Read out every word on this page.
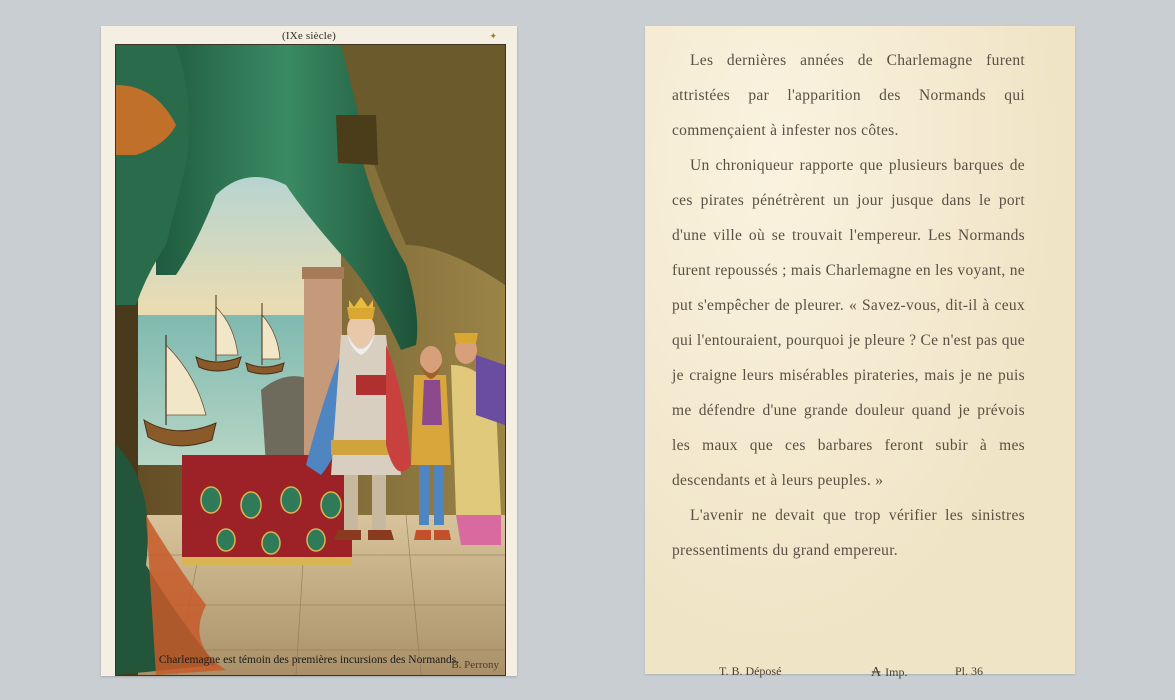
(IXe siècle)	✦
B. Perrony
Charlemagne est témoin des premières incursions des Normands.

Les dernières années de Charlemagne furent attristées par l'apparition des Normands qui commençaient à infester nos côtes.

Un chroniqueur rapporte que plusieurs barques de ces pirates pénétrèrent un jour jusque dans le port d'une ville où se trouvait l'empereur. Les Normands furent repoussés ; mais Charlemagne en les voyant, ne put s'empêcher de pleurer. « Savez-vous, dit-il à ceux qui l'entouraient, pourquoi je pleure ? Ce n'est pas que je craigne leurs misérables pirateries, mais je ne puis me défendre d'une grande douleur quand je prévois les maux que ces barbares feront subir à mes descendants et à leurs peuples. »

L'avenir ne devait que trop vérifier les sinistres pressentiments du grand empereur.

T. B. Déposé	₳ Imp.	Pl. 36
